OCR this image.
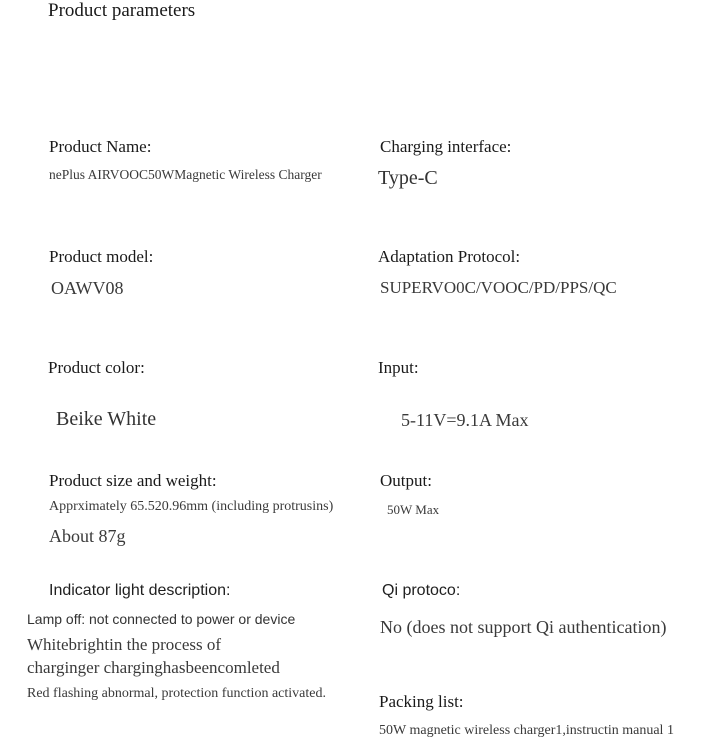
Product parameters
Product Name:
nePlus AIRVOOC50WMagnetic Wireless Charger
Product model:
OAWV08
Product color:
Beike White
Product size and weight:
Apprximately 65.520.96mm (including protrusins)
About 87g
Indicator light description:
Lamp off: not connected to power or device
Whitebrightin the process of
charginger charginghasbeencomleted
Red flashing abnormal, protection function activated.
Charging interface:
Type-C
Adaptation Protocol:
SUPERVO0C/VOOC/PD/PPS/QC
Input:
5-11V=9.1A Max
Output:
50W Max
Qi protoco:
No (does not support Qi authentication)
Packing list:
50W magnetic wireless charger1,instructin manual 1
